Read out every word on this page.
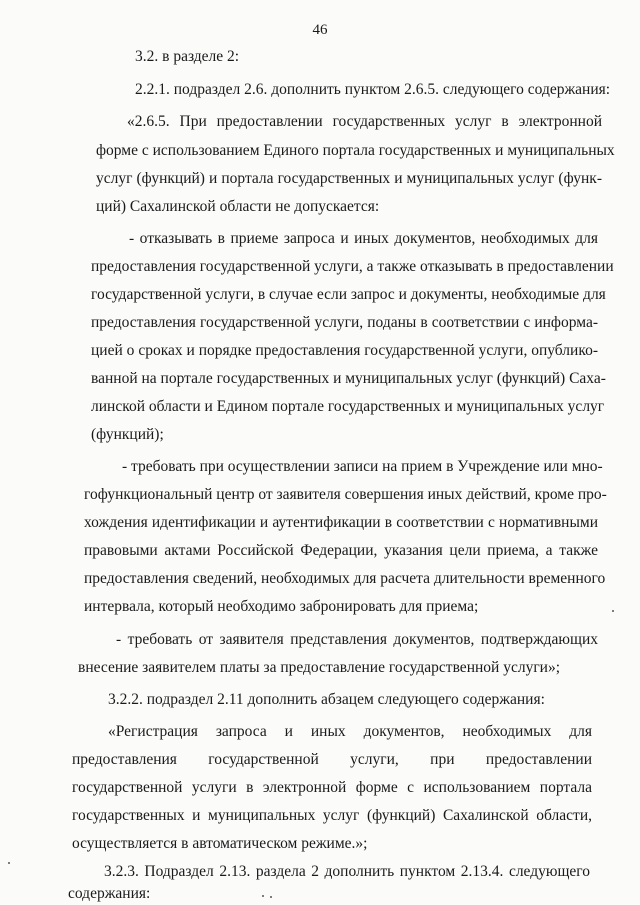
46
3.2. в разделе 2:
2.2.1. подраздел 2.6. дополнить пунктом 2.6.5. следующего содержания:
«2.6.5. При предоставлении государственных услуг в электронной
форме с использованием Единого портала государственных и муниципальных
услуг (функций) и портала государственных и муниципальных услуг (функ-
ций) Сахалинской области не допускается:
- отказывать в приеме запроса и иных документов, необходимых для
предоставления государственной услуги, а также отказывать в предоставлении
государственной услуги, в случае если запрос и документы, необходимые для
предоставления государственной услуги, поданы в соответствии с информа-
цией о сроках и порядке предоставления государственной услуги, опублико-
ванной на портале государственных и муниципальных услуг (функций) Саха-
линской области и Едином портале государственных и муниципальных услуг
(функций);
- требовать при осуществлении записи на прием в Учреждение или мно-
гофункциональный центр от заявителя совершения иных действий, кроме про-
хождения идентификации и аутентификации в соответствии с нормативными
правовыми актами Российской Федерации, указания цели приема, а также
предоставления сведений, необходимых для расчета длительности временного
интервала, который необходимо забронировать для приема;
- требовать от заявителя представления документов, подтверждающих
внесение заявителем платы за предоставление государственной услуги»;
3.2.2. подраздел 2.11 дополнить абзацем следующего содержания:
«Регистрация запроса и иных документов, необходимых для
предоставления государственной услуги, при предоставлении
государственной услуги в электронной форме с использованием портала
государственных и муниципальных услуг (функций) Сахалинской области,
осуществляется в автоматическом режиме.»;
3.2.3. Подраздел 2.13. раздела 2 дополнить пунктом 2.13.4. следующего
содержания:
